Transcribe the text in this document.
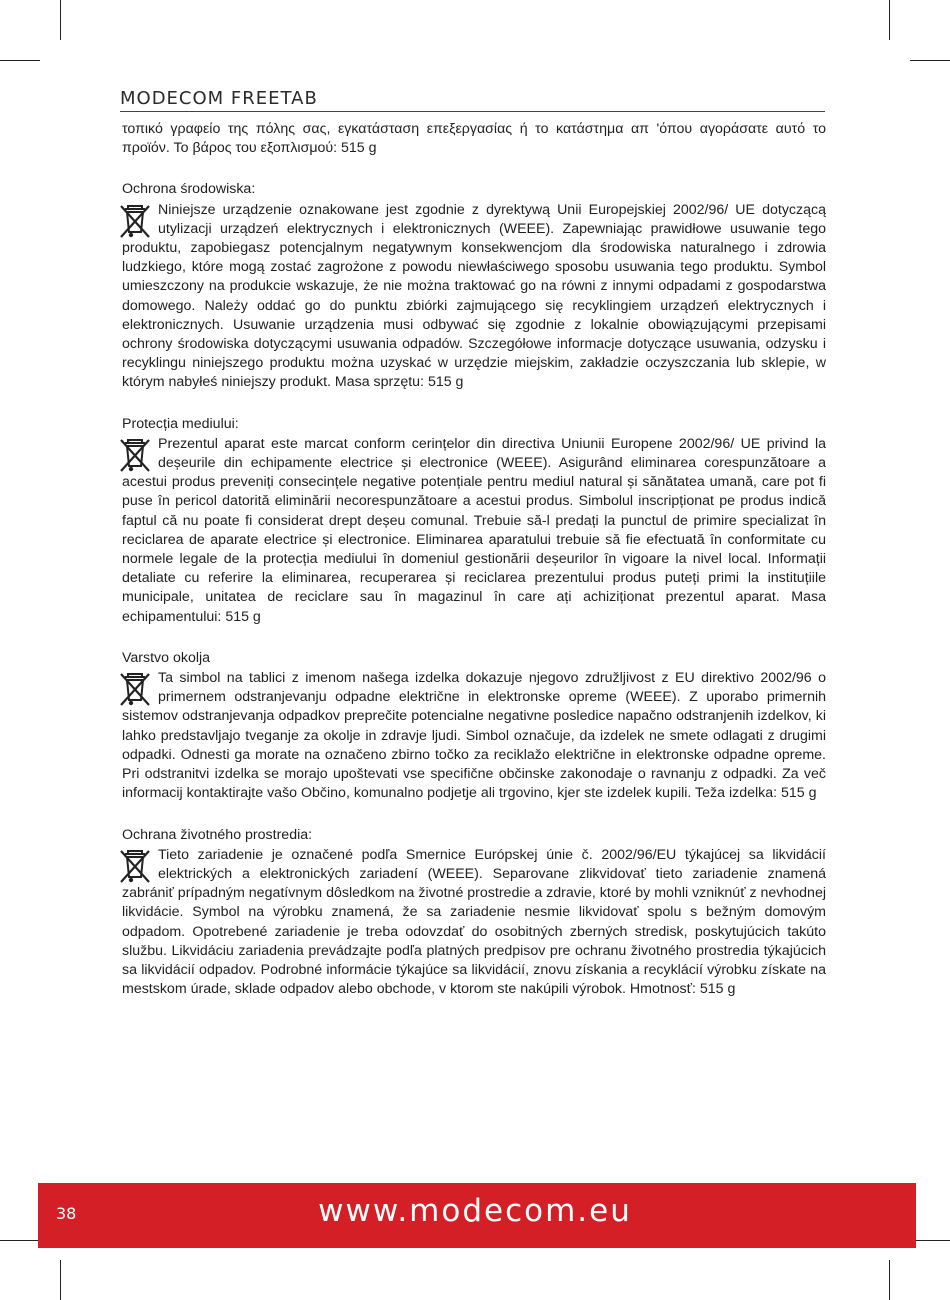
MODECOM FREETAB

τοπικό γραφείο της πόλης σας, εγκατάσταση επεξεργασίας ή το κατάστημα απ 'όπου αγοράσατε αυτό το προϊόν. Το βάρος του εξοπλισμού: 515 g

Ochrona środowiska:

Niniejsze urządzenie oznakowane jest zgodnie z dyrektywą Unii Europejskiej 2002/96/ UE dotyczącą utylizacji urządzeń elektrycznych i elektronicznych (WEEE). Zapewniając prawidłowe usuwanie tego produktu, zapobiegasz potencjalnym negatywnym konsekwencjom dla środowiska naturalnego i zdrowia ludzkiego, które mogą zostać zagrożone z powodu niewłaściwego sposobu usuwania tego produktu. Symbol umieszczony na produkcie wskazuje, że nie można traktować go na równi z innymi odpadami z gospodarstwa domowego. Należy oddać go do punktu zbiórki zajmującego się recyklingiem urządzeń elektrycznych i elektronicznych. Usuwanie urządzenia musi odbywać się zgodnie z lokalnie obowiązującymi przepisami ochrony środowiska dotyczącymi usuwania odpadów. Szczegółowe informacje dotyczące usuwania, odzysku i recyklingu niniejszego produktu można uzyskać w urzędzie miejskim, zakładzie oczyszczania lub sklepie, w którym nabyłeś niniejszy produkt. Masa sprzętu: 515 g

Protecția mediului:

Prezentul aparat este marcat conform cerințelor din directiva Uniunii Europene 2002/96/ UE privind la deșeurile din echipamente electrice și electronice (WEEE). Asigurând eliminarea corespunzătoare a acestui produs preveniți consecințele negative potențiale pentru mediul natural și sănătatea umană, care pot fi puse în pericol datorită eliminării necorespunzătoare a acestui produs. Simbolul inscripționat pe produs indică faptul că nu poate fi considerat drept deșeu comunal. Trebuie să-l predați la punctul de primire specializat în reciclarea de aparate electrice și electronice. Eliminarea aparatului trebuie să fie efectuată în conformitate cu normele legale de la protecția mediului în domeniul gestionării deșeurilor în vigoare la nivel local. Informații detaliate cu referire la eliminarea, recuperarea și reciclarea prezentului produs puteți primi la instituțiile municipale, unitatea de reciclare sau în magazinul în care ați achiziționat prezentul aparat. Masa echipamentului: 515 g

Varstvo okolja

Ta simbol na tablici z imenom našega izdelka dokazuje njegovo združljivost z EU direktivo 2002/96 o primernem odstranjevanju odpadne električne in elektronske opreme (WEEE). Z uporabo primernih sistemov odstranjevanja odpadkov preprečite potencialne negativne posledice napačno odstranjenih izdelkov, ki lahko predstavljajo tveganje za okolje in zdravje ljudi. Simbol označuje, da izdelek ne smete odlagati z drugimi odpadki. Odnesti ga morate na označeno zbirno točko za reciklažo električne in elektronske odpadne opreme. Pri odstranitvi izdelka se morajo upoštevati vse specifične občinske zakonodaje o ravnanju z odpadki. Za več informacij kontaktirajte vašo Občino, komunalno podjetje ali trgovino, kjer ste izdelek kupili. Teža izdelka: 515 g

Ochrana životného prostredia:

Tieto zariadenie je označené podľa Smernice Európskej únie č. 2002/96/EU týkajúcej sa likvidácií elektrických a elektronických zariadení (WEEE). Separovane zlikvidovať tieto zariadenie znamená zabrániť prípadným negatívnym dôsledkom na životné prostredie a zdravie, ktoré by mohli vzniknúť z nevhodnej likvidácie. Symbol na výrobku znamená, že sa zariadenie nesmie likvidovať spolu s bežným domovým odpadom. Opotrebené zariadenie je treba odovzdať do osobitných zberných stredisk, poskytujúcich takúto službu. Likvidáciu zariadenia prevádzajte podľa platných predpisov pre ochranu životného prostredia týkajúcich sa likvidácií odpadov. Podrobné informácie týkajúce sa likvidácií, znovu získania a recyklácií výrobku získate na mestskom úrade, sklade odpadov alebo obchode, v ktorom ste nakúpili výrobok. Hmotnosť: 515 g

38	www.modecom.eu
